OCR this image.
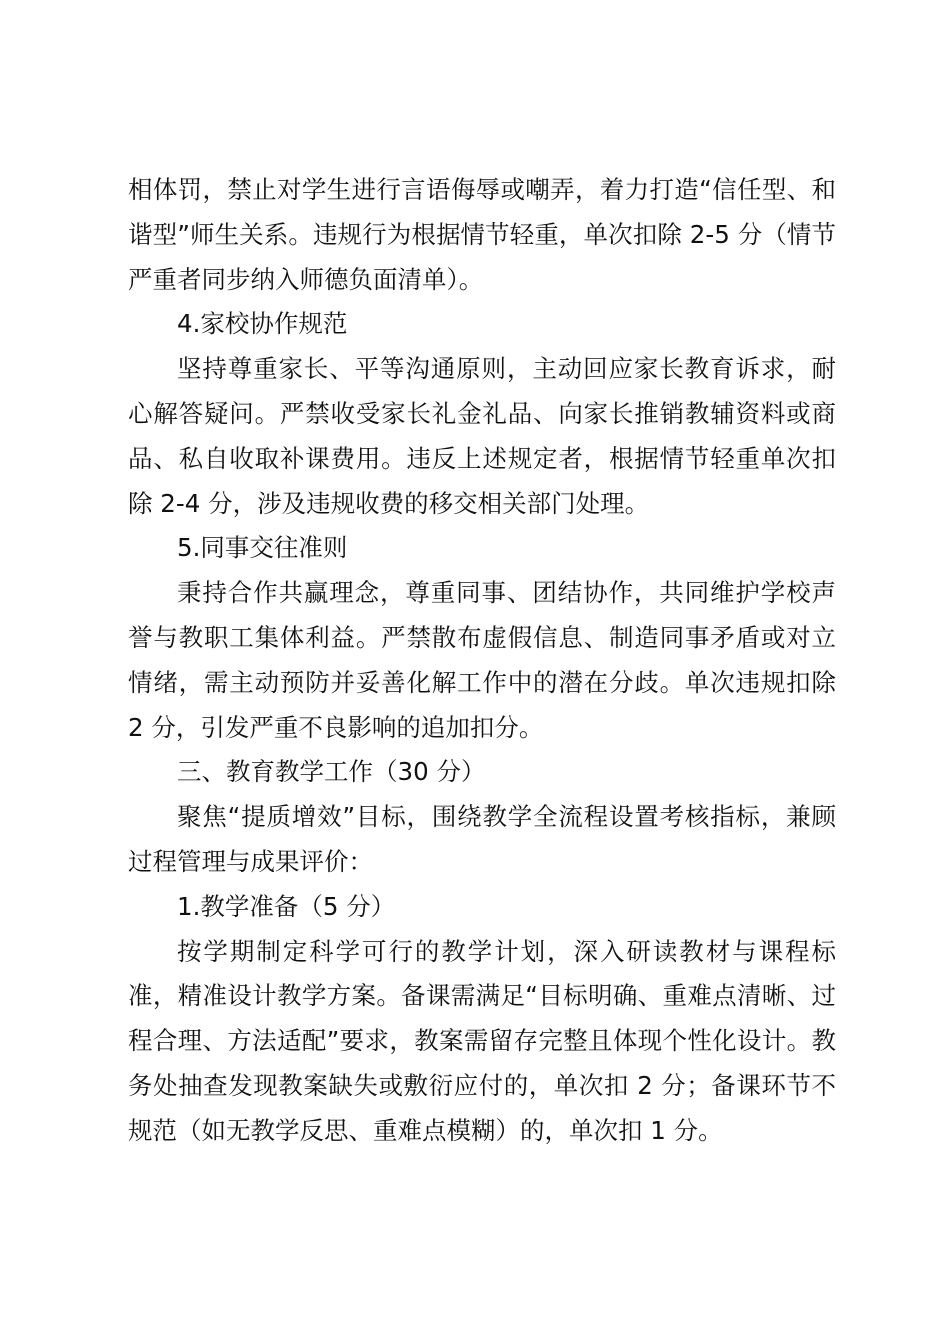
相体罚，禁止对学生进行言语侮辱或嘲弄，着力打造“信任型、和谐型”师生关系。违规行为根据情节轻重，单次扣除 2-5 分（情节严重者同步纳入师德负面清单）。

4.家校协作规范

坚持尊重家长、平等沟通原则，主动回应家长教育诉求，耐心解答疑问。严禁收受家长礼金礼品、向家长推销教辅资料或商品、私自收取补课费用。违反上述规定者，根据情节轻重单次扣除 2-4 分，涉及违规收费的移交相关部门处理。

5.同事交往准则

秉持合作共赢理念，尊重同事、团结协作，共同维护学校声誉与教职工集体利益。严禁散布虚假信息、制造同事矛盾或对立情绪，需主动预防并妥善化解工作中的潜在分歧。单次违规扣除 2 分，引发严重不良影响的追加扣分。

三、教育教学工作（30 分）

聚焦“提质增效”目标，围绕教学全流程设置考核指标，兼顾过程管理与成果评价：

1.教学准备（5 分）

按学期制定科学可行的教学计划，深入研读教材与课程标准，精准设计教学方案。备课需满足“目标明确、重难点清晰、过程合理、方法适配”要求，教案需留存完整且体现个性化设计。教务处抽查发现教案缺失或敷衍应付的，单次扣 2 分；备课环节不规范（如无教学反思、重难点模糊）的，单次扣 1 分。
